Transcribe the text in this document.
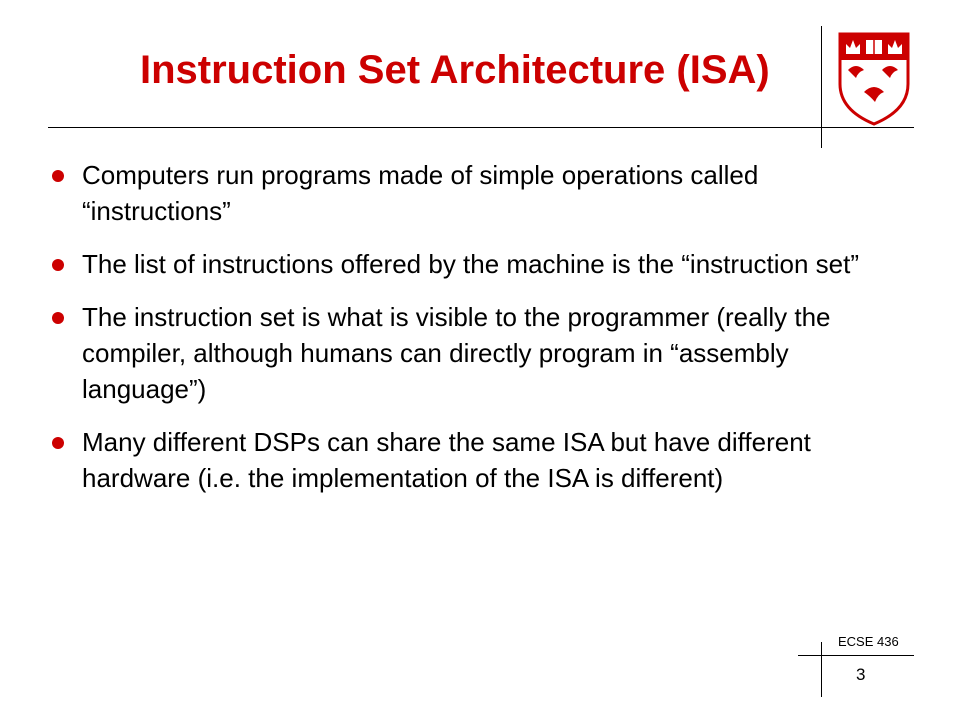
Instruction Set Architecture (ISA)
Computers run programs made of simple operations called “instructions”
The list of instructions offered by the machine is the “instruction set”
The instruction set is what is visible to the programmer (really the compiler, although humans can directly program in “assembly language”)
Many different DSPs can share the same ISA but have different hardware (i.e. the implementation of the ISA is different)
ECSE 436
3
